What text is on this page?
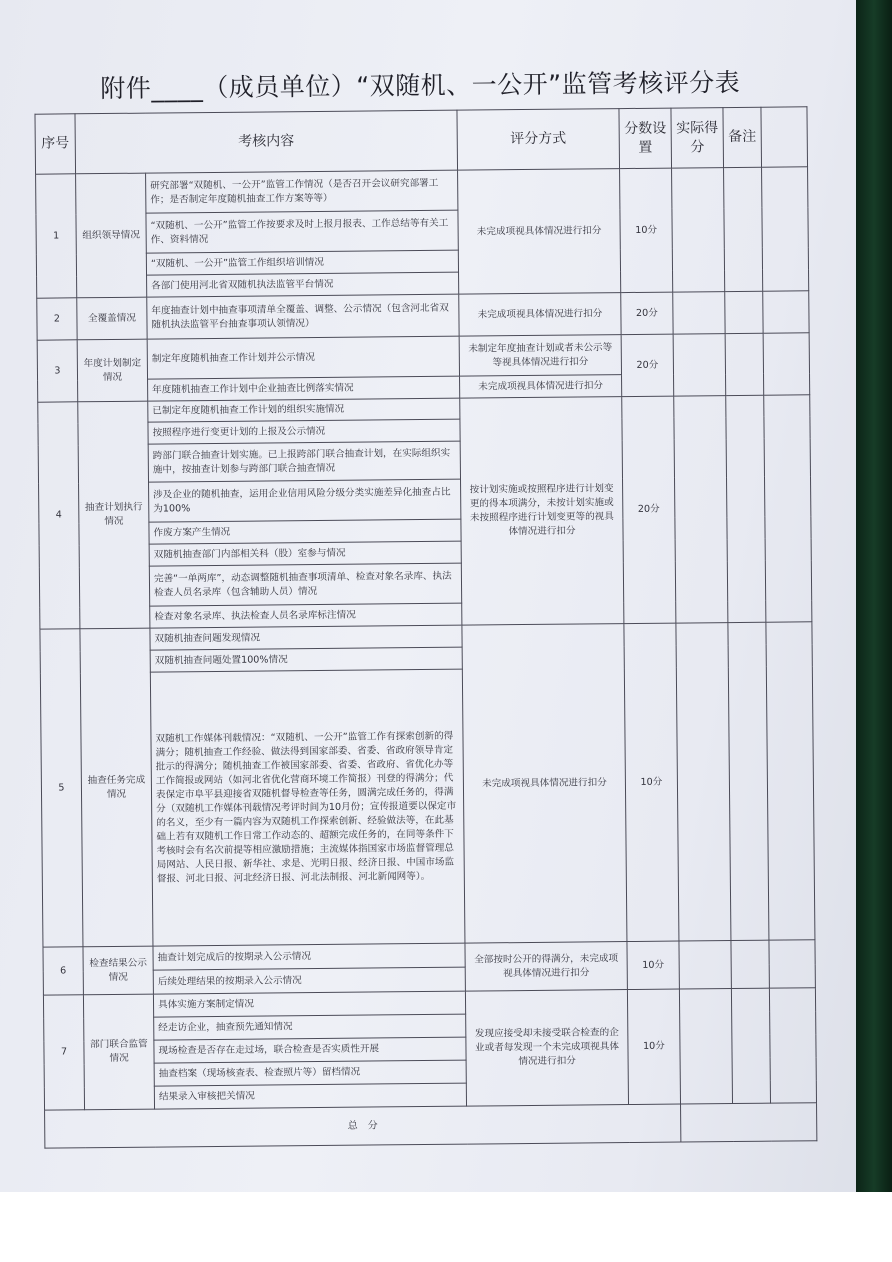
附件____（成员单位）“双随机、一公开”监管考核评分表
序号	考核内容		评分方式	分数设置	实际得分	备注	
1	组织领导情况	研究部署“双随机、一公开”监管工作情况（是否召开会议研究部署工作；是否制定年度随机抽查工作方案等等）	未完成项视具体情况进行扣分	10分			
		“双随机、一公开”监管工作按要求及时上报月报表、工作总结等有关工作、资料情况					
		“双随机、一公开”监管工作组织培训情况					
		各部门使用河北省双随机执法监管平台情况					
2	全覆盖情况	年度抽查计划中抽查事项清单全覆盖、调整、公示情况（包含河北省双随机执法监管平台抽查事项认领情况）	未完成项视具体情况进行扣分	20分			
3	年度计划制定情况	制定年度随机抽查工作计划并公示情况	未制定年度抽查计划或者未公示等等视具体情况进行扣分	20分			
		年度随机抽查工作计划中企业抽查比例落实情况	未完成项视具体情况进行扣分				
4	抽查计划执行情况	已制定年度随机抽查工作计划的组织实施情况	按计划实施或按照程序进行计划变更的得本项满分，未按计划实施或未按照程序进行计划变更等的视具体情况进行扣分	20分			
		按照程序进行变更计划的上报及公示情况					
		跨部门联合抽查计划实施。已上报跨部门联合抽查计划，在实际组织实施中，按抽查计划参与跨部门联合抽查情况					
		涉及企业的随机抽查，运用企业信用风险分级分类实施差异化抽查占比为100%					
		作废方案产生情况					
		双随机抽查部门内部相关科（股）室参与情况					
		完善“一单两库”，动态调整随机抽查事项清单、检查对象名录库、执法检查人员名录库（包含辅助人员）情况					
		检查对象名录库、执法检查人员名录库标注情况					
5	抽查任务完成情况	双随机抽查问题发现情况	未完成项视具体情况进行扣分	10分			
		双随机抽查问题处置100%情况					
		双随机工作媒体刊载情况：“双随机、一公开”监管工作有探索创新的得满分；随机抽查工作经验、做法得到国家部委、省委、省政府领导肯定批示的得满分；随机抽查工作被国家部委、省委、省政府、省优化办等工作简报或网站（如河北省优化营商环境工作简报）刊登的得满分；代表保定市阜平县迎接省双随机督导检查等任务，圆满完成任务的，得满分（双随机工作媒体刊载情况考评时间为10月份；宣传报道要以保定市的名义，至少有一篇内容为双随机工作探索创新、经验做法等，在此基础上若有双随机工作日常工作动态的、超额完成任务的，在同等条件下考核时会有名次前提等相应激励措施；主流媒体指国家市场监督管理总局网站、人民日报、新华社、求是、光明日报、经济日报、中国市场监督报、河北日报、河北经济日报、河北法制报、河北新闻网等）。					
6	检查结果公示情况	抽查计划完成后的按期录入公示情况	全部按时公开的得满分，未完成项视具体情况进行扣分	10分			
		后续处理结果的按期录入公示情况					
7	部门联合监管情况	具体实施方案制定情况	发现应接受却未接受联合检查的企业或者每发现一个未完成项视具体情况进行扣分	10分			
		经走访企业，抽查预先通知情况					
		现场检查是否存在走过场，联合检查是否实质性开展					
		抽查档案（现场核查表、检查照片等）留档情况					
		结果录入审核把关情况					
总　分							
